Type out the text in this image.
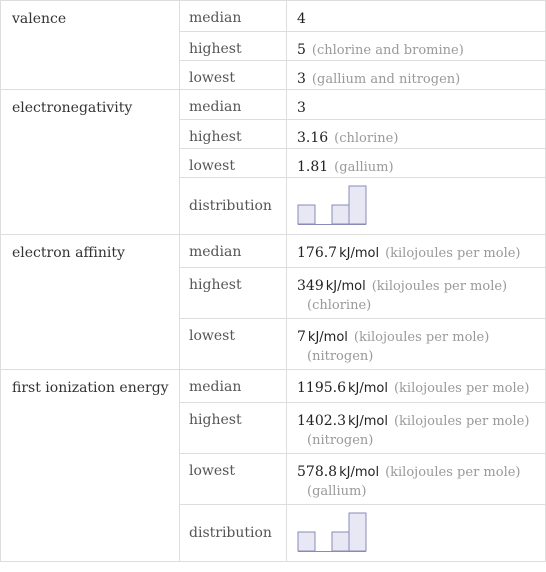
valence	median	4
	highest	5 (chlorine and bromine)
	lowest	3 (gallium and nitrogen)
electronegativity	median	3
	highest	3.16 (chlorine)
	lowest	1.81 (gallium)
	distribution	

electron affinity	median	176.7 kJ/mol (kilojoules per mole)
	highest	349 kJ/mol (kilojoules per mole)
(chlorine)
	lowest	7 kJ/mol (kilojoules per mole)
(nitrogen)
first ionization energy	median	1195.6 kJ/mol (kilojoules per mole)
	highest	1402.3 kJ/mol (kilojoules per mole)
(nitrogen)
	lowest	578.8 kJ/mol (kilojoules per mole)
(gallium)
	distribution	
